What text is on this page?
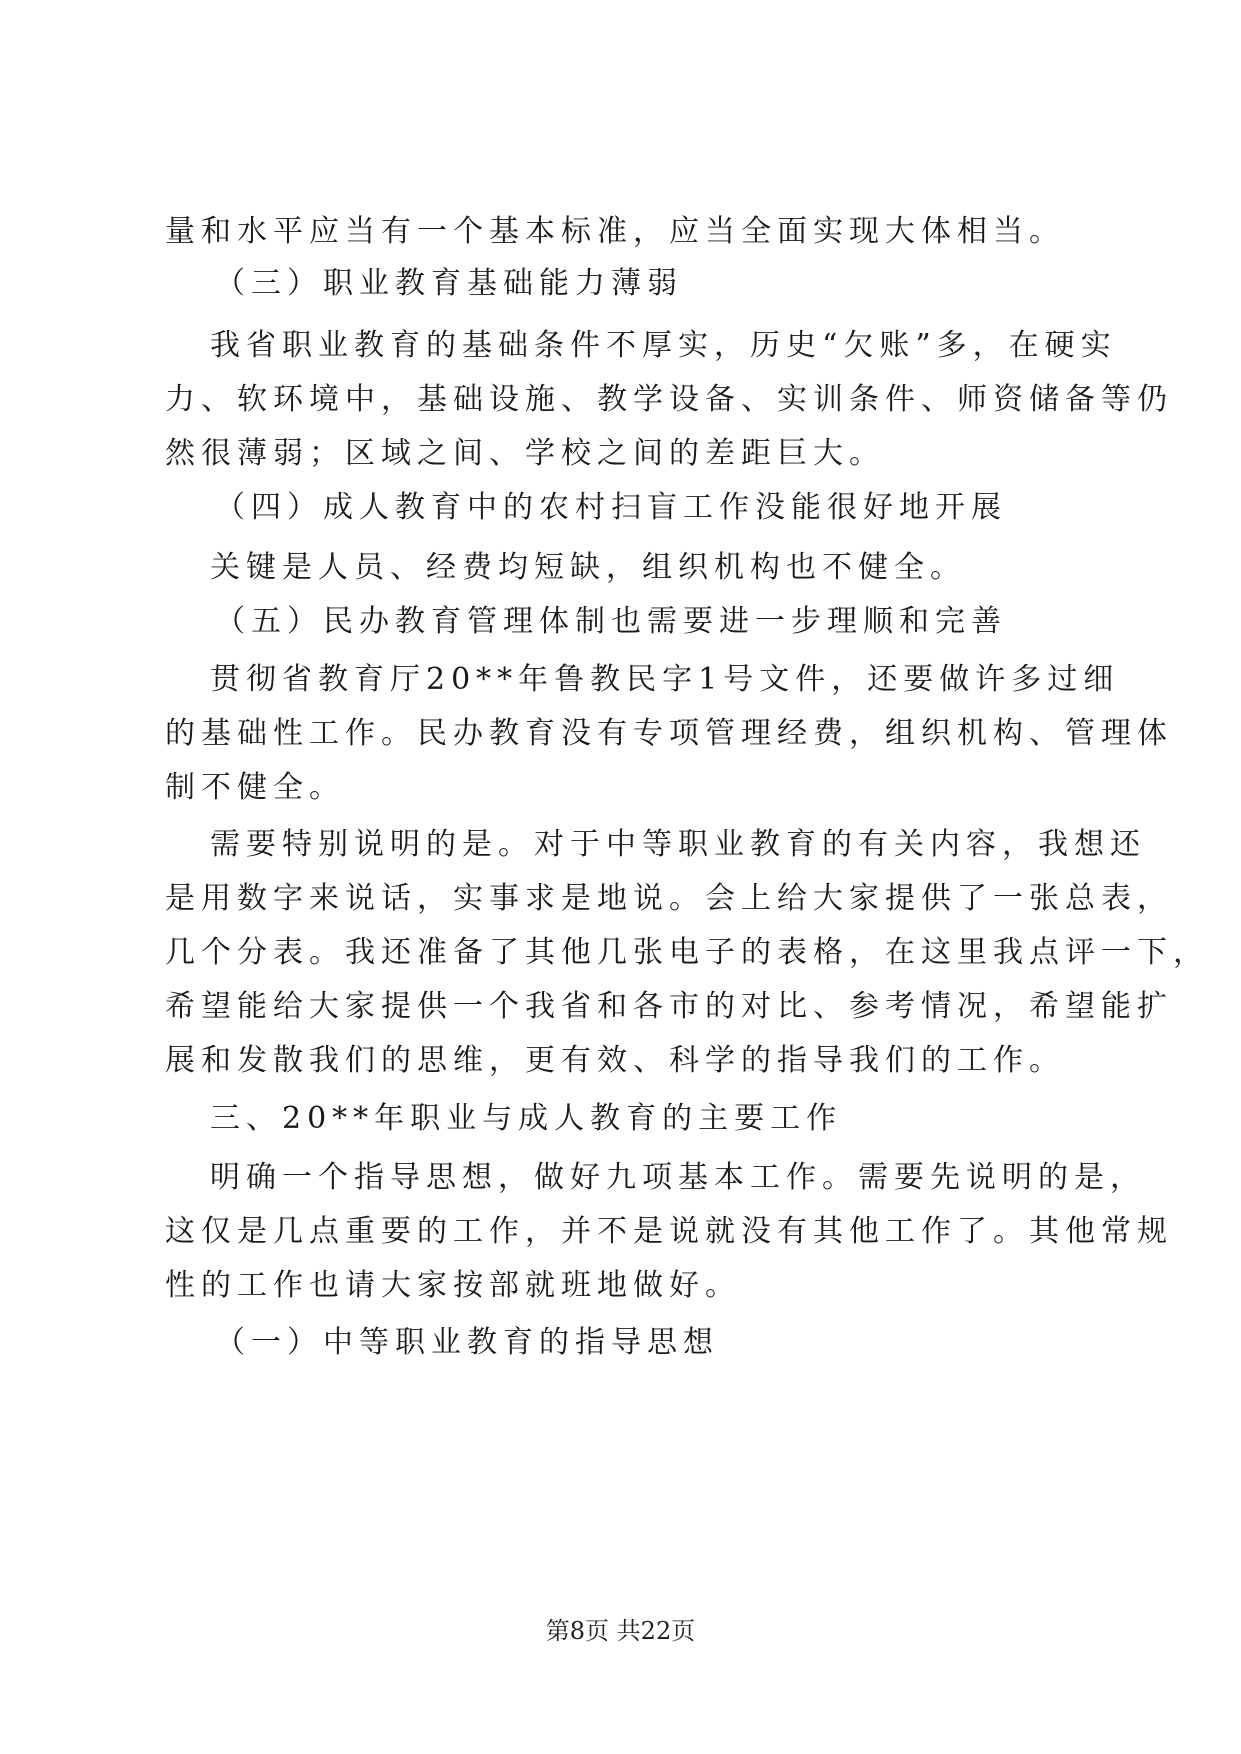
量和水平应当有一个基本标准，应当全面实现大体相当。
（三）职业教育基础能力薄弱
我省职业教育的基础条件不厚实，历史“欠账”多，在硬实
力、软环境中，基础设施、教学设备、实训条件、师资储备等仍
然很薄弱；区域之间、学校之间的差距巨大。
（四）成人教育中的农村扫盲工作没能很好地开展
关键是人员、经费均短缺，组织机构也不健全。
（五）民办教育管理体制也需要进一步理顺和完善
贯彻省教育厅20**年鲁教民字1号文件，还要做许多过细
的基础性工作。民办教育没有专项管理经费，组织机构、管理体
制不健全。
需要特别说明的是。对于中等职业教育的有关内容，我想还
是用数字来说话，实事求是地说。会上给大家提供了一张总表，
几个分表。我还准备了其他几张电子的表格，在这里我点评一下，
希望能给大家提供一个我省和各市的对比、参考情况，希望能扩
展和发散我们的思维，更有效、科学的指导我们的工作。
三、20**年职业与成人教育的主要工作
明确一个指导思想，做好九项基本工作。需要先说明的是，
这仅是几点重要的工作，并不是说就没有其他工作了。其他常规
性的工作也请大家按部就班地做好。
（一）中等职业教育的指导思想
第8页 共22页
